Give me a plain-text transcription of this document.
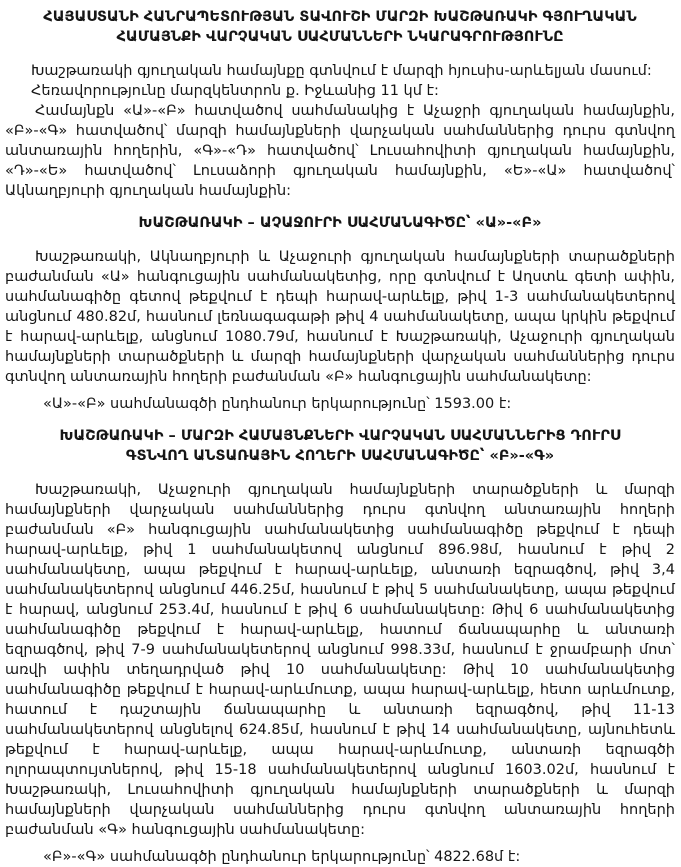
ՀԱՅԱՍՏԱՆԻ ՀԱՆՐԱՊԵՏՈՒԹՅԱՆ ՏԱՎՈՒՇԻ ՄԱՐԶԻ ԽԱՇԹԱՌԱԿԻ ԳՅՈՒՂԱԿԱՆ ՀԱՄԱՅՆՔԻ ՎԱՐՉԱԿԱՆ ՍԱՀՄԱՆՆԵՐԻ ՆԿԱՐԱԳՐՈՒԹՅՈՒՆԸ

Խաշթառակի գյուղական համայնքը գտնվում է մարզի հյուսիս-արևելյան մասում:

Հեռավորությունը մարզկենտրոն ք. Իջևանից 11 կմ է:

Համայնքն «Ա»-«Բ» հատվածով սահմանակից է Աչաջրի գյուղական համայնքին, «Բ»-«Գ» հատվածով՝ մարզի համայնքների վարչական սահմաններից դուրս գտնվող անտառային հողերին, «Գ»-«Դ» հատվածով՝ Լուսահովիտի գյուղական համայնքին, «Դ»-«Ե» հատվածով՝ Լուսաձորի գյուղական համայնքին, «Ե»-«Ա» հատվածով՝ Ակնաղբյուրի գյուղական համայնքին:

ԽԱՇԹԱՌԱԿԻ – ԱՉԱՋՈՒՐԻ ՍԱՀՄԱՆԱԳԻԾԸ՝ «Ա»-«Բ»

Խաշթառակի, Ակնաղբյուրի և Աչաջուրի գյուղական համայնքների տարածքների բաժանման «Ա» հանգուցային սահմանակետից, որը գտնվում է Աղստև գետի ափին, սահմանագիծը գետով թեքվում է դեպի հարավ-արևելք, թիվ 1-3 սահմանակետերով անցնում 480.82մ, հասնում լեռնագագաթի թիվ 4 սահմանակետը, ապա կրկին թեքվում է հարավ-արևելք, անցնում 1080.79մ, հասնում է Խաշթառակի, Աչաջուրի գյուղական համայնքների տարածքների և մարզի համայնքների վարչական սահմաններից դուրս գտնվող անտառային հողերի բաժանման «Բ» հանգուցային սահմանակետը:

«Ա»-«Բ» սահմանագծի ընդհանուր երկարությունը՝ 1593.00 է:

ԽԱՇԹԱՌԱԿԻ – ՄԱՐԶԻ ՀԱՄԱՅՆՔՆԵՐԻ ՎԱՐՉԱԿԱՆ ՍԱՀՄԱՆՆԵՐԻՑ ԴՈՒՐՍ ԳՏՆՎՈՂ ԱՆՏԱՌԱՅԻՆ ՀՈՂԵՐԻ ՍԱՀՄԱՆԱԳԻԾԸ՝ «Բ»-«Գ»

Խաշթառակի, Աչաջուրի գյուղական համայնքների տարածքների և մարզի համայնքների վարչական սահմաններից դուրս գտնվող անտառային հողերի բաժանման «Բ» հանգուցային սահմանակետից սահմանագիծը թեքվում է դեպի հարավ-արևելք, թիվ 1 սահմանակետով անցնում 896.98մ, հասնում է թիվ 2 սահմանակետը, ապա թեքվում է հարավ-արևելք, անտառի եզրագծով, թիվ 3,4 սահմանակետերով անցնում 446.25մ, հասնում է թիվ 5 սահմանակետը, ապա թեքվում է հարավ, անցնում 253.4մ, հասնում է թիվ 6 սահմանակետը: Թիվ 6 սահմանակետից սահմանագիծը թեքվում է հարավ-արևելք, հատում ճանապարհը և անտառի եզրագծով, թիվ 7-9 սահմանակետերով անցնում 998.33մ, հասնում է ջրամբարի մոտ՝ առվի ափին տեղադրված թիվ 10 սահմանակետը: Թիվ 10 սահմանակետից սահմանագիծը թեքվում է հարավ-արևմուտք, ապա հարավ-արևելք, հետո արևմուտք, հատում է դաշտային ճանապարհը և անտառի եզրագծով, թիվ 11-13 սահմանակետերով անցնելով 624.85մ, հասնում է թիվ 14 սահմանակետը, այնուհետև թեքվում է հարավ-արևելք, ապա հարավ-արևմուտք, անտառի եզրագծի ոլորապտույտներով, թիվ 15-18 սահմանակետերով անցնում 1603.02մ, հասնում է Խաշթառակի, Լուսահովիտի գյուղական համայնքների տարածքների և մարզի համայնքների վարչական սահմաններից դուրս գտնվող անտառային հողերի բաժանման «Գ» հանգուցային սահմանակետը:

«Բ»-«Գ» սահմանագծի ընդհանուր երկարությունը՝ 4822.68մ է:
